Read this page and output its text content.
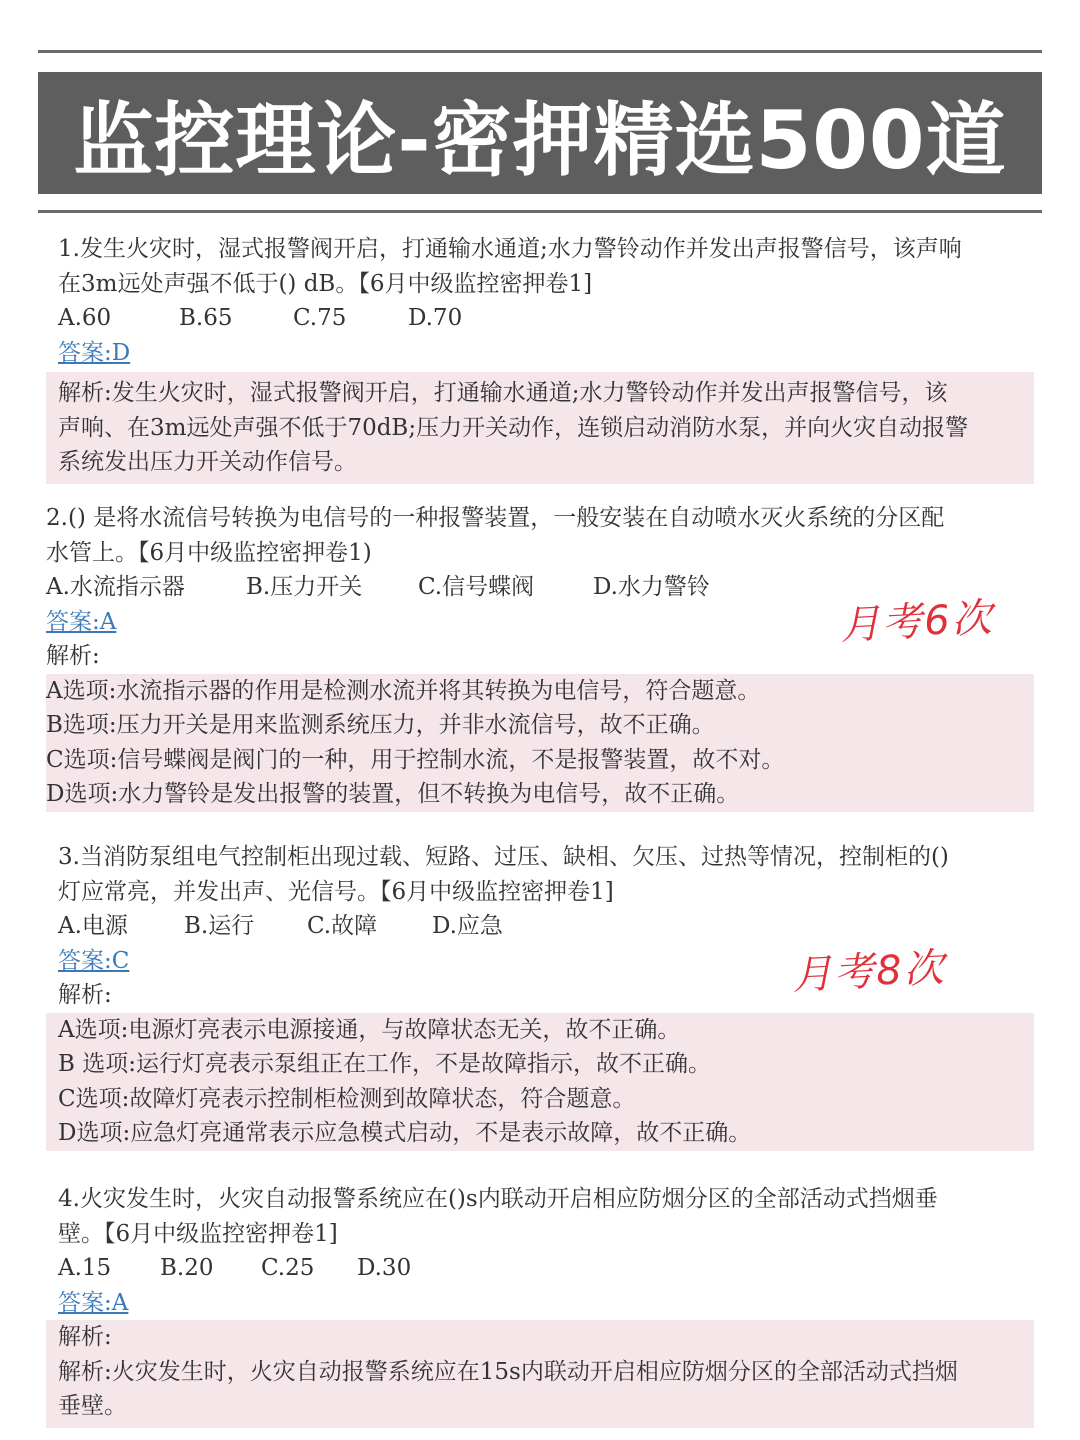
监控理论-密押精选500道
1.发生火灾时，湿式报警阀开启，打通输水通道;水力警铃动作并发出声报警信号，该声响
在3m远处声强不低于() dB。【6月中级监控密押卷1]
A.60	B.65	C.75	D.70
答案:D
解析:发生火灾时，湿式报警阀开启，打通输水通道;水力警铃动作并发出声报警信号，该
声响、在3m远处声强不低于70dB;压力开关动作，连锁启动消防水泵，并向火灾自动报警
系统发出压力开关动作信号。
2.() 是将水流信号转换为电信号的一种报警装置，一般安装在自动喷水灭火系统的分区配
水管上。【6月中级监控密押卷1)
A.水流指示器	B.压力开关	C.信号蝶阀	D.水力警铃
答案:A
解析:
A选项:水流指示器的作用是检测水流并将其转换为电信号，符合题意。
B选项:压力开关是用来监测系统压力，并非水流信号，故不正确。
C选项:信号蝶阀是阀门的一种，用于控制水流，不是报警装置，故不对。
D选项:水力警铃是发出报警的装置，但不转换为电信号，故不正确。
月考6次
3.当消防泵组电气控制柜出现过载、短路、过压、缺相、欠压、过热等情况，控制柜的()
灯应常亮，并发出声、光信号。【6月中级监控密押卷1]
A.电源	B.运行	C.故障	D.应急
答案:C
解析:
A选项:电源灯亮表示电源接通，与故障状态无关，故不正确。
B 选项:运行灯亮表示泵组正在工作，不是故障指示，故不正确。
C选项:故障灯亮表示控制柜检测到故障状态，符合题意。
D选项:应急灯亮通常表示应急模式启动，不是表示故障，故不正确。
月考8次
4.火灾发生时，火灾自动报警系统应在()s内联动开启相应防烟分区的全部活动式挡烟垂
壁。【6月中级监控密押卷1]
A.15	B.20	C.25	D.30
答案:A
解析:
解析:火灾发生时，火灾自动报警系统应在15s内联动开启相应防烟分区的全部活动式挡烟
垂壁。
